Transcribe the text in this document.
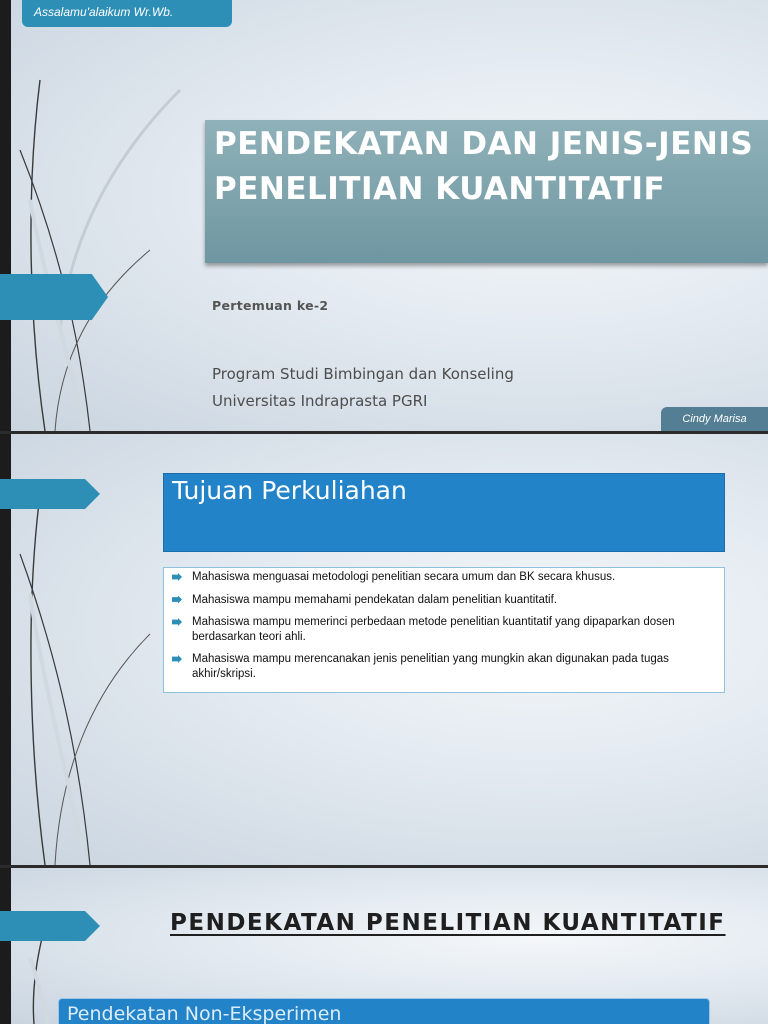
Assalamu'alaikum Wr.Wb.
PENDEKATAN DAN JENIS-JENIS PENELITIAN KUANTITATIF
Pertemuan ke-2
Program Studi Bimbingan dan Konseling
Universitas Indraprasta PGRI
Cindy Marisa
Tujuan Perkuliahan
Mahasiswa menguasai metodologi penelitian secara umum dan BK secara khusus.
Mahasiswa mampu memahami pendekatan dalam penelitian kuantitatif.
Mahasiswa mampu memerinci perbedaan metode penelitian kuantitatif yang dipaparkan dosen berdasarkan teori ahli.
Mahasiswa mampu merencanakan jenis penelitian yang mungkin akan digunakan pada tugas akhir/skripsi.
PENDEKATAN PENELITIAN KUANTITATIF
Pendekatan Non-Eksperimen
